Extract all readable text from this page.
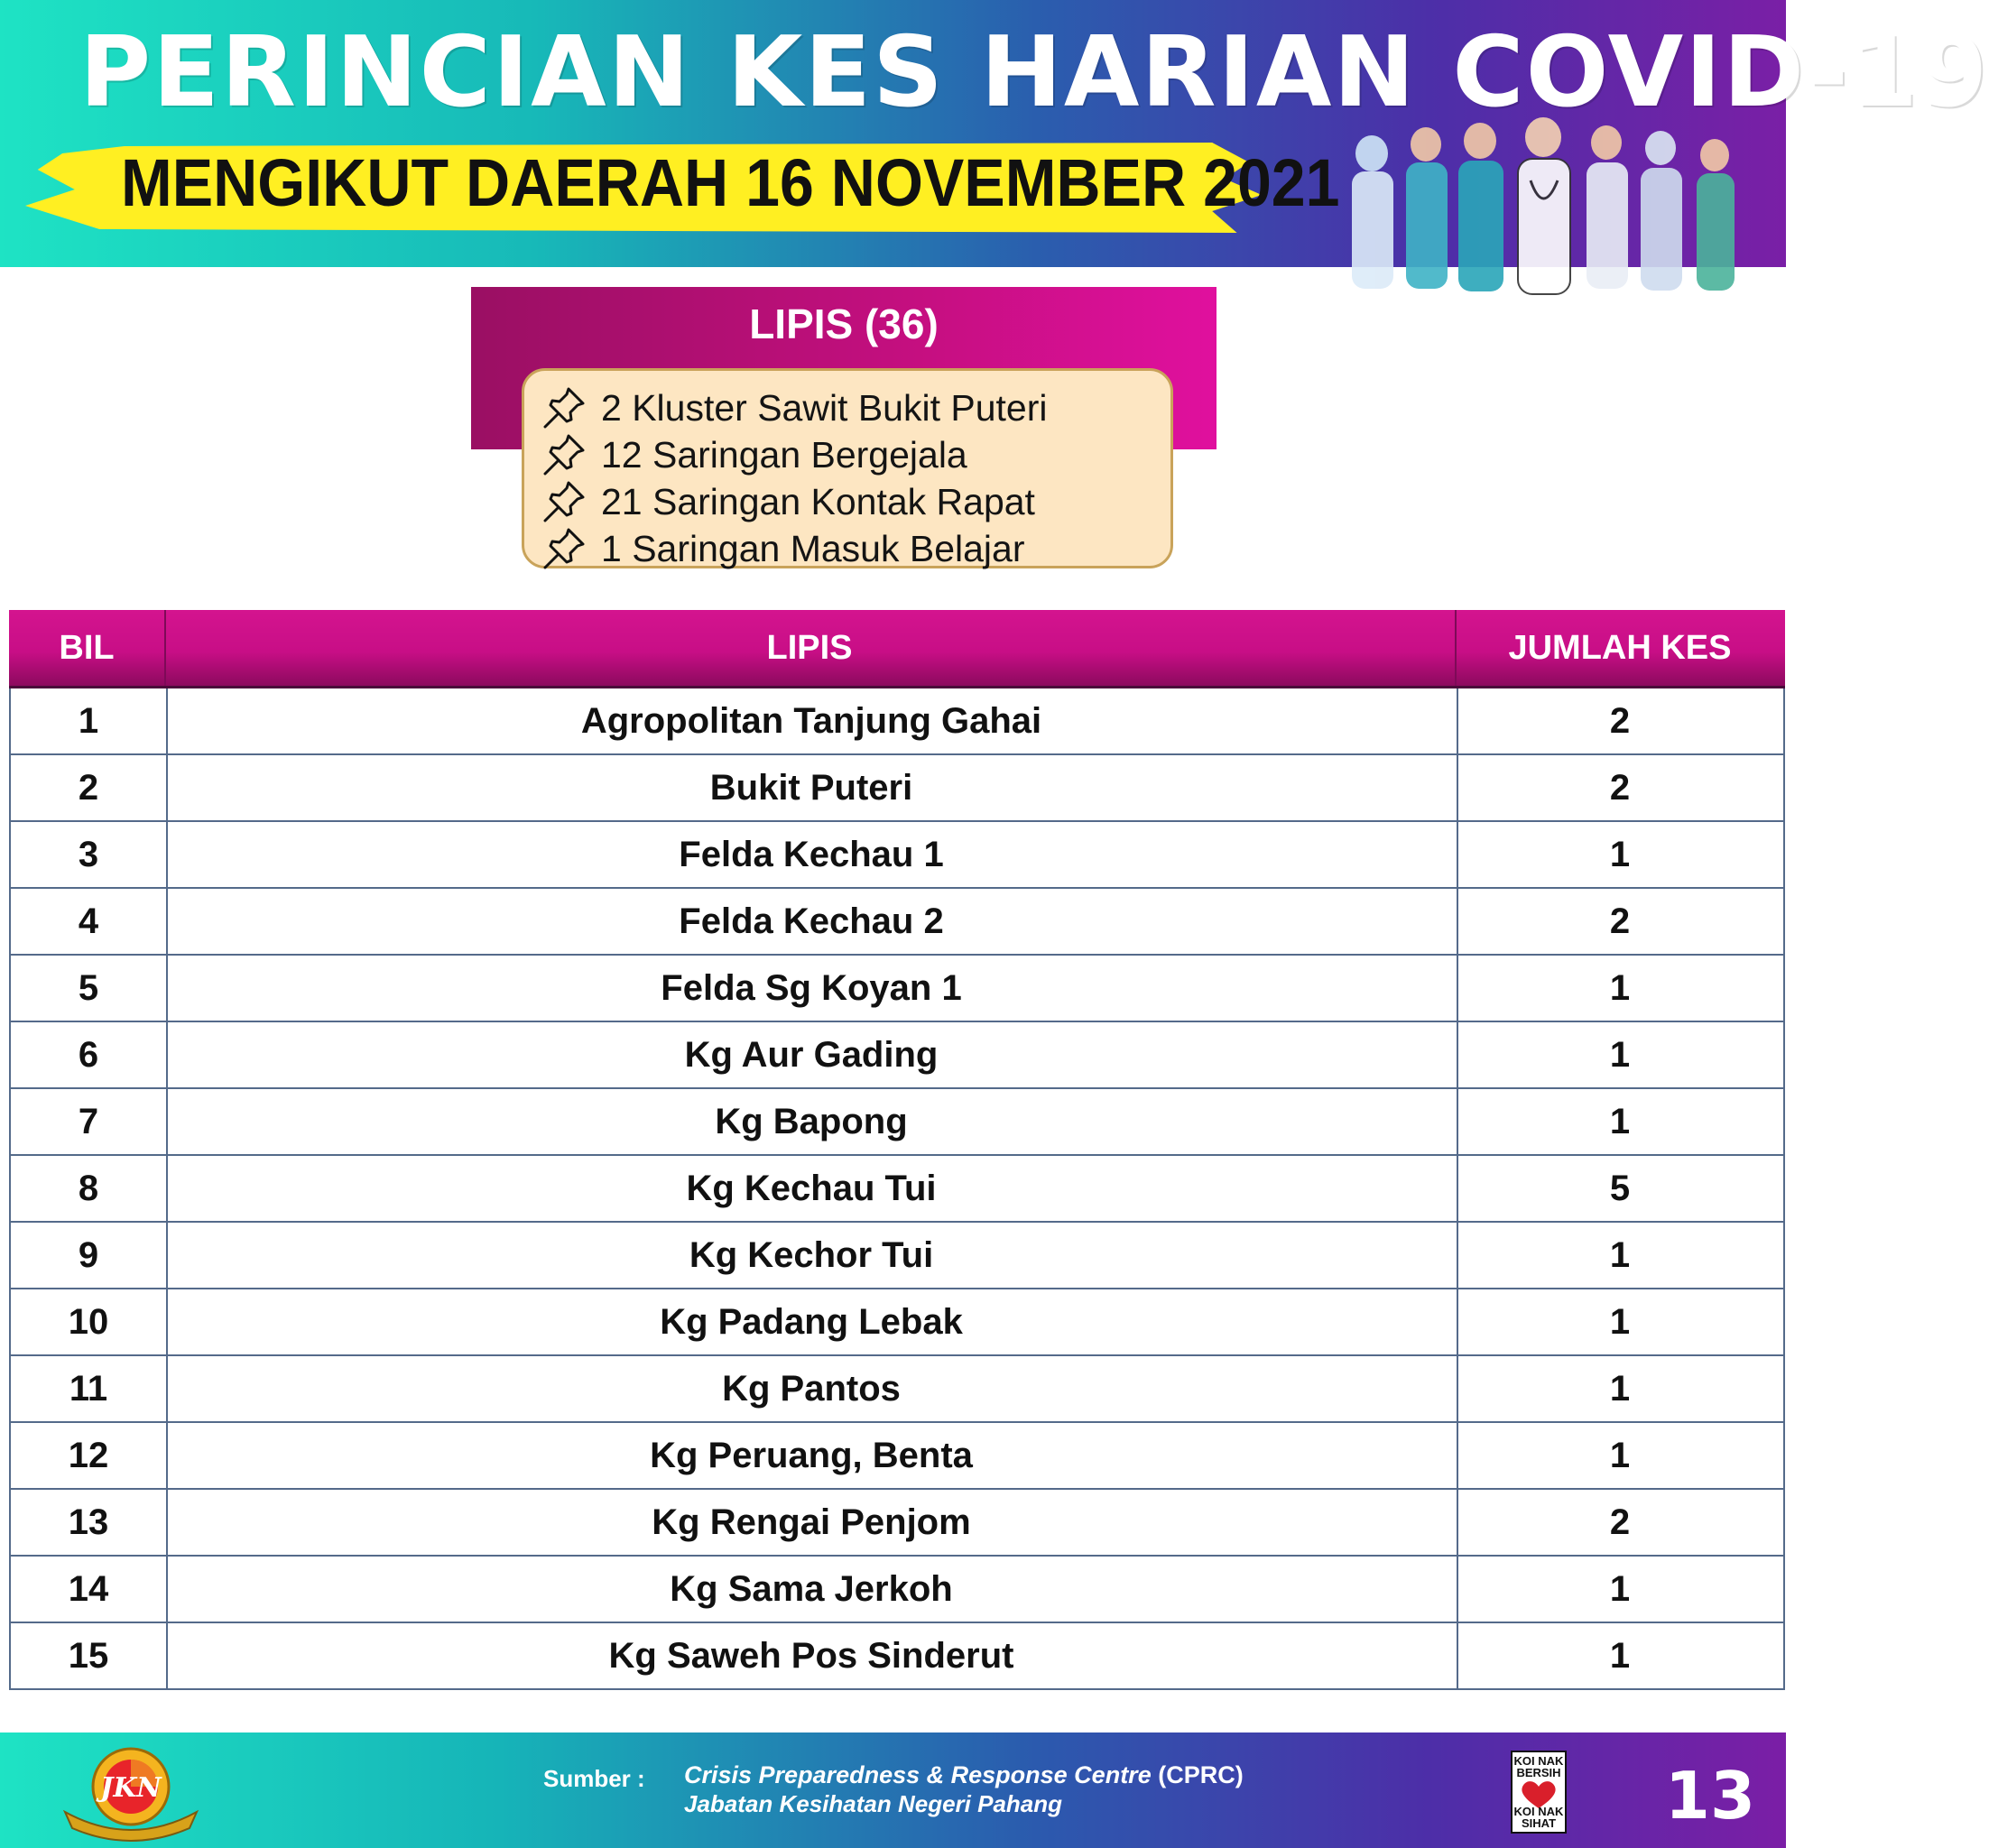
PERINCIAN KES HARIAN COVID-19
MENGIKUT DAERAH 16 NOVEMBER 2021
LIPIS (36)
2 Kluster Sawit Bukit Puteri
12 Saringan Bergejala
21 Saringan Kontak Rapat
1 Saringan Masuk Belajar
BIL	LIPIS	JUMLAH KES
1	Agropolitan Tanjung Gahai	2
2	Bukit Puteri	2
3	Felda Kechau 1	1
4	Felda Kechau 2	2
5	Felda Sg Koyan 1	1
6	Kg Aur Gading	1
7	Kg Bapong	1
8	Kg Kechau Tui	5
9	Kg Kechor Tui	1
10	Kg Padang Lebak	1
11	Kg Pantos	1
12	Kg Peruang, Benta	1
13	Kg Rengai Penjom	2
14	Kg Sama Jerkoh	1
15	Kg Saweh Pos Sinderut	1
JKN	Sumber : Crisis Preparedness & Response Centre (CPRC)
Jabatan Kesihatan Negeri Pahang
KOI NAK BERSIH
KOI NAK SIHAT 13
